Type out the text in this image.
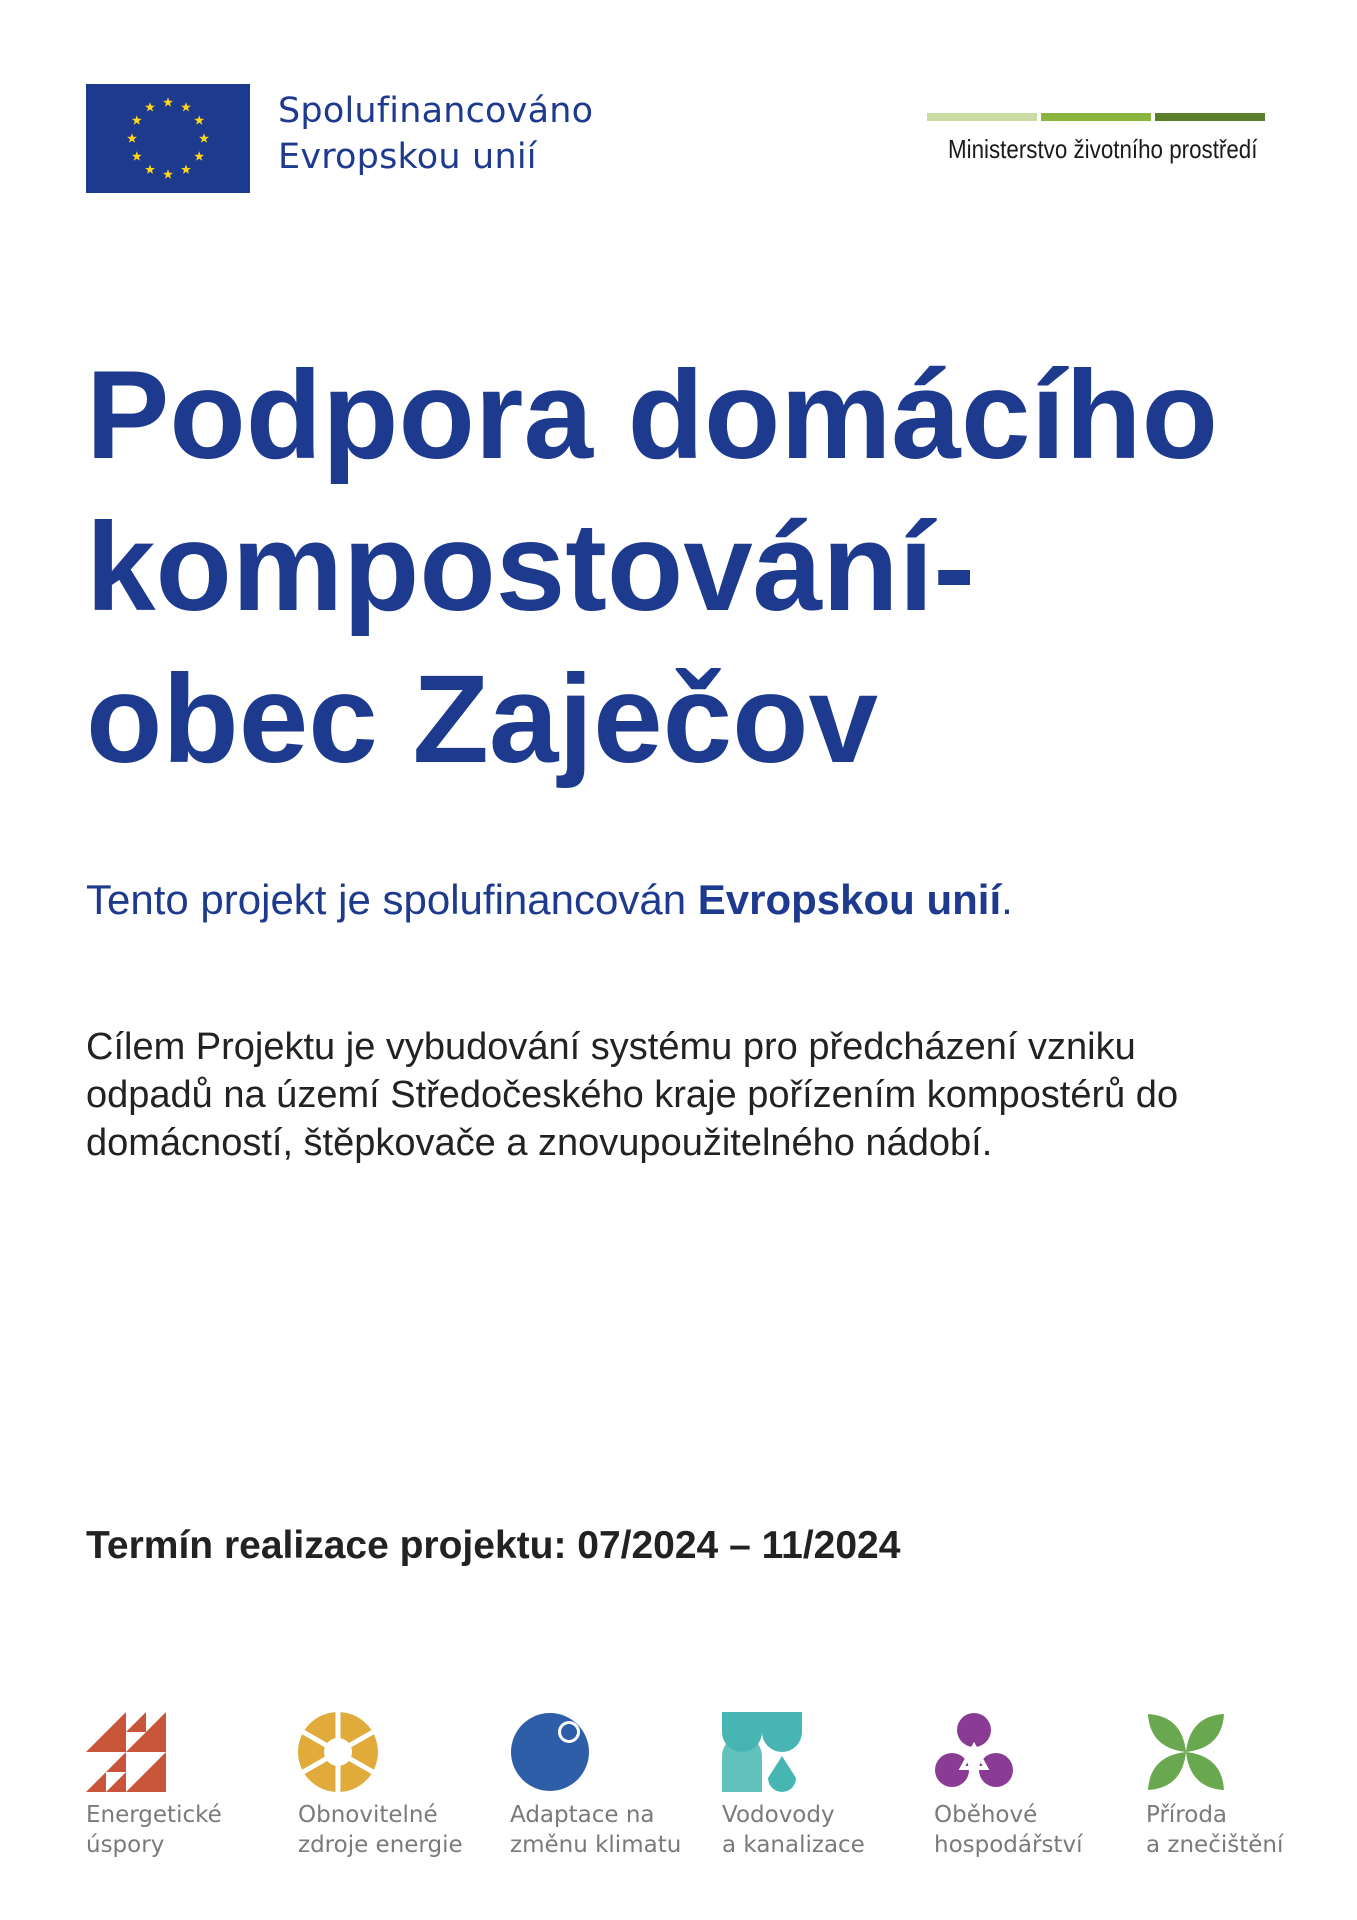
Spolufinancováno
Evropskou unií	Ministerstvo životního prostředí
Podpora domácího
kompostování-
obec Zaječov

Tento projekt je spolufinancován Evropskou unií.

Cílem Projektu je vybudování systému pro předcházení vzniku
odpadů na území Středočeského kraje pořízením kompostérů do
domácností, štěpkovače a znovupoužitelného nádobí.

Termín realizace projektu: 07/2024 – 11/2024

Energetické
úspory
Obnovitelné
zdroje energie
Adaptace na
změnu klimatu
Vodovody
a kanalizace
Oběhové
hospodářství
Příroda
a znečištění
